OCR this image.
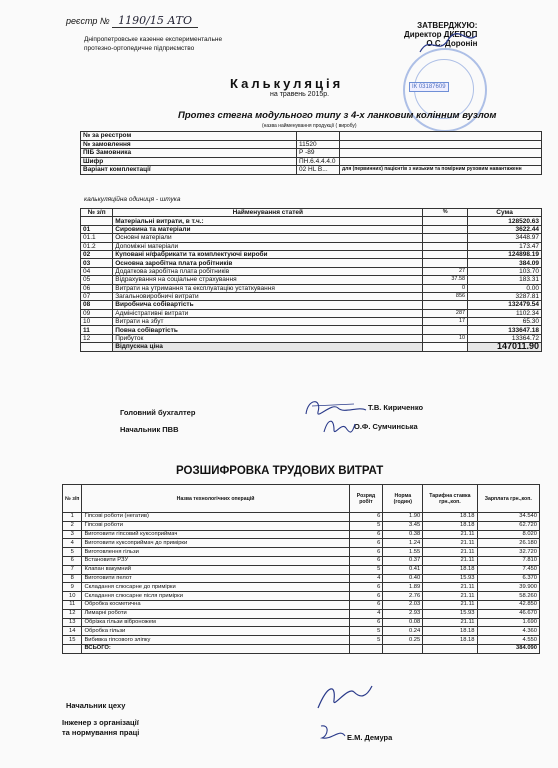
реєстр № 1190/15 АТО
Дніпропетровське казенне експериментальне
протезно-ортопедичне підприємство
ЗАТВЕРДЖУЮ:
Директор ДКЕПОП
О.С. Доронін
ІК 03187609
Калькуляція
на травень 2015р.
Протез стегна модульного типу з 4-х ланковим колінним вузлом
(назва найменування продукції ( виробу)
№ за реєстром		
№ замовлення	11520	
ПІБ Замовника	Р -89	
Шифр	ПН.6.4.4.4.0	
Варіант комплектації	02 НL В...	для (первинних) пацієнтів з низьким та помірним руховим навантаженн
калькуляційна одиниця - штука
№ з/п	Найменування статей	%	Сума
	Матеріальні витрати, в т.ч.:		128520.63
01	Сировина та матеріали		3622.44
01.1	Основні матеріали		3448.97
01.2	Допоміжні матеріали		173.47
02	Куповані н/фабрикати та комплектуючі вироби		124898.19
03	Основна заробітна плата робітників		384.09
04	Додаткова заробітна плата робітників	27	103.70
05	Відрахування на соціальне страхування	37.58	183.31
06	Витрати на утримання та експлуатацію устаткування	0	0.00
07	Загальновиробничі витрати	856	3287.81
08	Виробнича собівартість		132479.54
09	Адміністративні витрати	287	1102.34
10	Витрати на збут	17	65.30
11	Повна собівартість		133647.18
12	Прибуток	10	13364.72
	Відпускна ціна		147011.90
Головний бухгалтер
Т.В. Кириченко
Начальник ПВВ	О.Ф. Сумчинська
РОЗШИФРОВКА ТРУДОВИХ ВИТРАТ
№ з/п	Назва технологічних операцій	Розряд робіт	Норма (годин)	Тарифна ставка грн.,коп.	Зарплата грн.,коп.
1	Гіпсові роботи (негатив)	6	1.90	18.18	34.540
2	Гіпсові роботи	5	3.45	18.18	62.720
3	Виготовити гіпсовий куксоприймач	6	0.38	21.11	8.020
4	Виготовити куксоприймач до примірки	6	1.24	21.11	26.180
5	Виготовлення гільзи	6	1.55	21.11	32.720
6	Встановити РЗУ	6	0.37	21.11	7.810
7	Клапан вакумний	5	0.41	18.18	7.450
8	Виготовити пелот	4	0.40	15.93	6.370
9	Складання слюсарне до примірки	6	1.89	21.11	39.900
10	Складання слюсарне після примірки	6	2.76	21.11	58.260
11	Обробка косметична	6	2.03	21.11	42.850
12	Лимарні роботи	4	2.93	15.93	46.670
13	Обрізка гільзи віброножем	6	0.08	21.11	1.690
14	Обробка гільзи	5	0.24	18.18	4.360
15	Вибивка гіпсового зліпку	5	0.25	18.18	4.550
	ВСЬОГО:				384.090
Начальник цеху
Інженер з організації
та нормування праці
Е.М. Демура
